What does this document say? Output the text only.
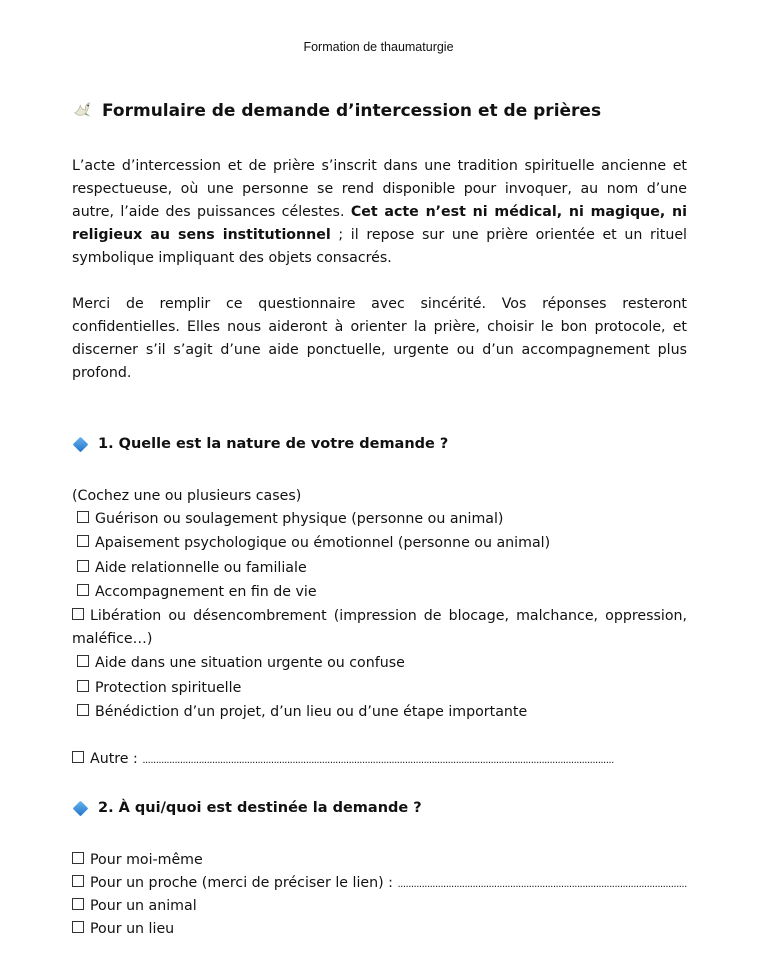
Formation de thaumaturgie
Formulaire de demande d’intercession et de prières

L’acte d’intercession et de prière s’inscrit dans une tradition spirituelle ancienne et respectueuse, où une personne se rend disponible pour invoquer, au nom d’une autre, l’aide des puissances célestes. Cet acte n’est ni médical, ni magique, ni religieux au sens institutionnel ; il repose sur une prière orientée et un rituel symbolique impliquant des objets consacrés.

Merci de remplir ce questionnaire avec sincérité. Vos réponses resteront confidentielles. Elles nous aideront à orienter la prière, choisir le bon protocole, et discerner s’il s’agit d’une aide ponctuelle, urgente ou d’un accompagnement plus profond.

1. Quelle est la nature de votre demande ?
(Cochez une ou plusieurs cases)
Guérison ou soulagement physique (personne ou animal)
Apaisement psychologique ou émotionnel (personne ou animal)
Aide relationnelle ou familiale
Accompagnement en fin de vie
Libération ou désencombrement (impression de blocage, malchance, oppression, maléfice…)
Aide dans une situation urgente ou confuse
Protection spirituelle
Bénédiction d’un projet, d’un lieu ou d’une étape importante
Autre : ................................................................................................................................................................................
2. À qui/quoi est destinée la demande ?
Pour moi-même
Pour un proche (merci de préciser le lien) : ............................................................................................................
Pour un animal
Pour un lieu
